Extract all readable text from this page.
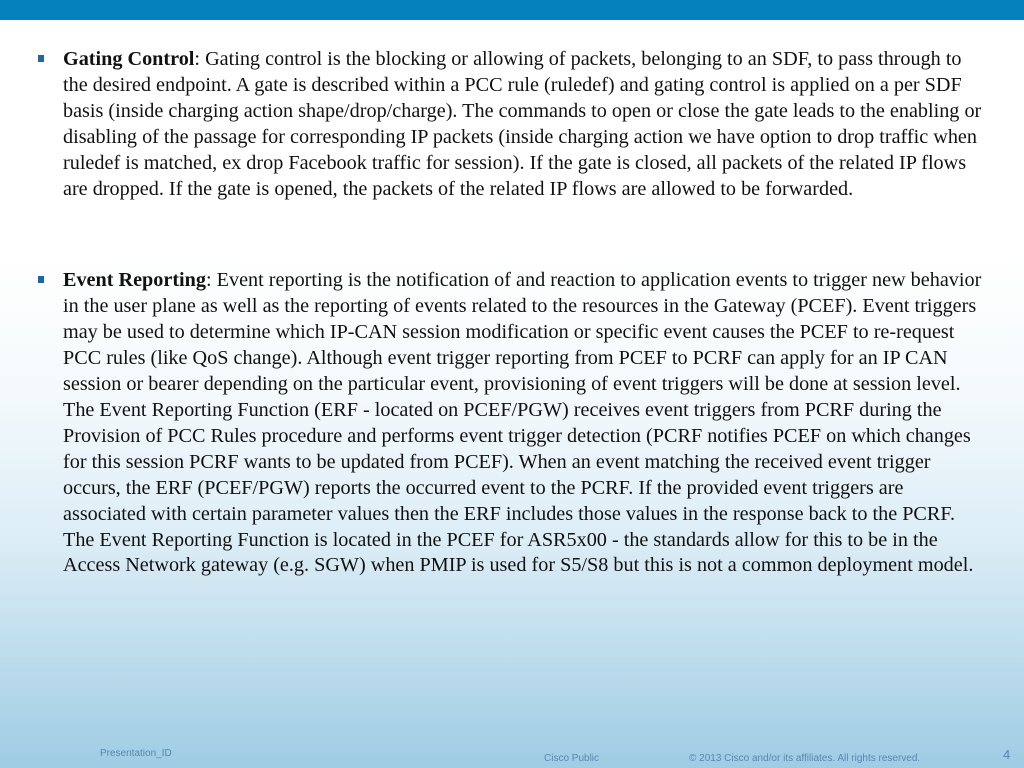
Gating Control: Gating control is the blocking or allowing of packets, belonging to an SDF, to pass through to the desired endpoint. A gate is described within a PCC rule (ruledef) and gating control is applied on a per SDF basis (inside charging action shape/drop/charge). The commands to open or close the gate leads to the enabling or disabling of the passage for corresponding IP packets (inside charging action we have option to drop traffic when ruledef is matched, ex drop Facebook traffic for session). If the gate is closed, all packets of the related IP flows are dropped. If the gate is opened, the packets of the related IP flows are allowed to be forwarded.
Event Reporting: Event reporting is the notification of and reaction to application events to trigger new behavior in the user plane as well as the reporting of events related to the resources in the Gateway (PCEF). Event triggers may be used to determine which IP-CAN session modification or specific event causes the PCEF to re-request PCC rules (like QoS change). Although event trigger reporting from PCEF to PCRF can apply for an IP CAN session or bearer depending on the particular event, provisioning of event triggers will be done at session level. The Event Reporting Function (ERF - located on PCEF/PGW) receives event triggers from PCRF during the Provision of PCC Rules procedure and performs event trigger detection (PCRF notifies PCEF on which changes for this session PCRF wants to be updated from PCEF). When an event matching the received event trigger occurs, the ERF (PCEF/PGW) reports the occurred event to the PCRF. If the provided event triggers are associated with certain parameter values then the ERF includes those values in the response back to the PCRF. The Event Reporting Function is located in the PCEF for ASR5x00 - the standards allow for this to be in the Access Network gateway (e.g. SGW) when PMIP is used for S5/S8 but this is not a common deployment model.
Presentation_ID	Cisco Public	© 2013 Cisco and/or its affiliates. All rights reserved.	4
